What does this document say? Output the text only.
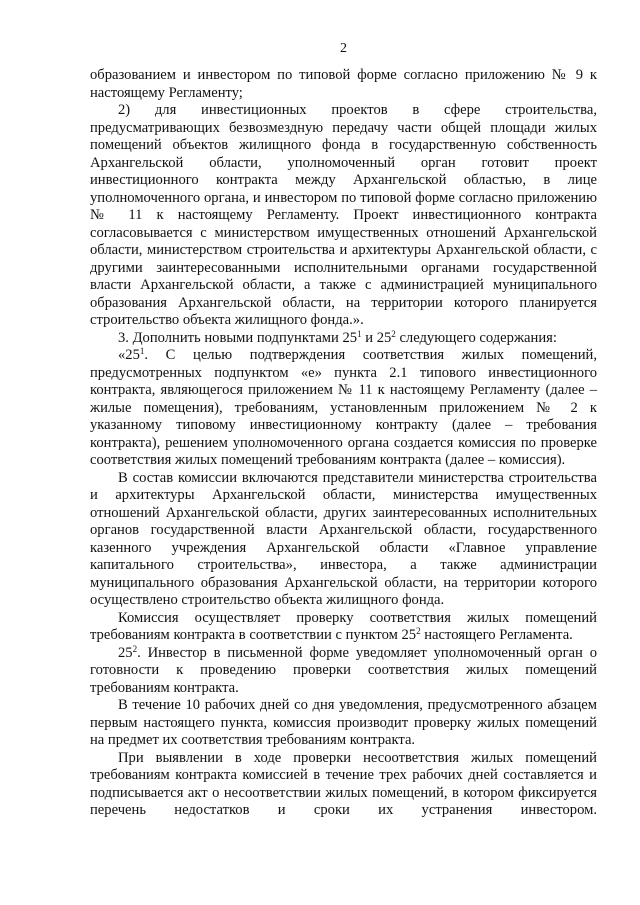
2

образованием и инвестором по типовой форме согласно приложению № 9 к настоящему Регламенту;

2) для инвестиционных проектов в сфере строительства, предусматривающих безвозмездную передачу части общей площади жилых помещений объектов жилищного фонда в государственную собственность Архангельской области, уполномоченный орган готовит проект инвестиционного контракта между Архангельской областью, в лице уполномоченного органа, и инвестором по типовой форме согласно приложению № 11 к настоящему Регламенту. Проект инвестиционного контракта согласовывается с министерством имущественных отношений Архангельской области, министерством строительства и архитектуры Архангельской области, с другими заинтересованными исполнительными органами государственной власти Архангельской области, а также с администрацией муниципального образования Архангельской области, на территории которого планируется строительство объекта жилищного фонда.».

3. Дополнить новыми подпунктами $25^1$ и $25^2$ следующего содержания:

«$25^1$. С целью подтверждения соответствия жилых помещений, предусмотренных подпунктом «е» пункта 2.1 типового инвестиционного контракта, являющегося приложением № 11 к настоящему Регламенту (далее – жилые помещения), требованиям, установленным приложением № 2 к указанному типовому инвестиционному контракту (далее – требования контракта), решением уполномоченного органа создается комиссия по проверке соответствия жилых помещений требованиям контракта (далее – комиссия).

В состав комиссии включаются представители министерства строительства и архитектуры Архангельской области, министерства имущественных отношений Архангельской области, других заинтересованных исполнительных органов государственной власти Архангельской области, государственного казенного учреждения Архангельской области «Главное управление капитального строительства», инвестора, а также администрации муниципального образования Архангельской области, на территории которого осуществлено строительство объекта жилищного фонда.

Комиссия осуществляет проверку соответствия жилых помещений требованиям контракта в соответствии с пунктом $25^2$ настоящего Регламента.

$25^2$. Инвестор в письменной форме уведомляет уполномоченный орган о готовности к проведению проверки соответствия жилых помещений требованиям контракта.

В течение 10 рабочих дней со дня уведомления, предусмотренного абзацем первым настоящего пункта, комиссия производит проверку жилых помещений на предмет их соответствия требованиям контракта.

При выявлении в ходе проверки несоответствия жилых помещений требованиям контракта комиссией в течение трех рабочих дней составляется и подписывается акт о несоответствии жилых помещений, в котором фиксируется перечень недостатков и сроки их устранения инвестором.
